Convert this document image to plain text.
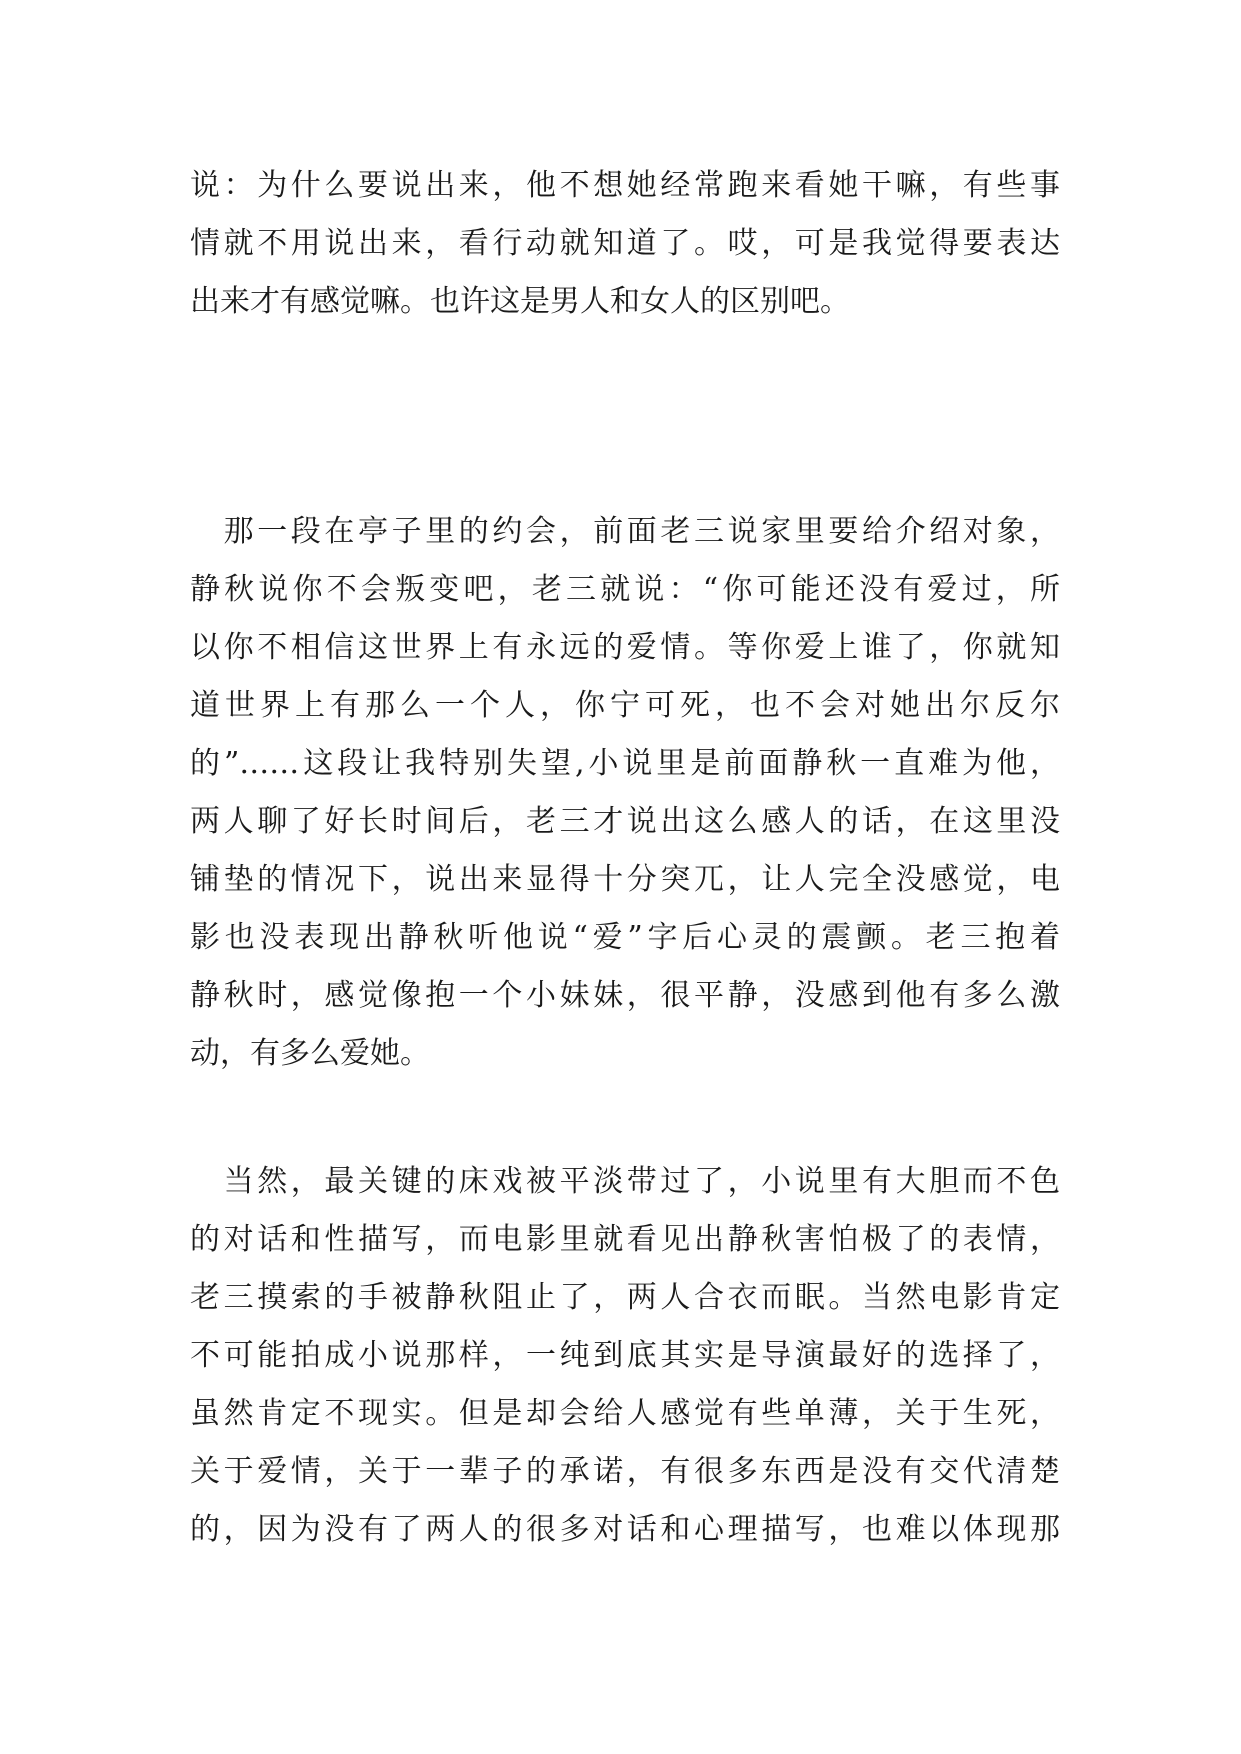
说：为什么要说出来，他不想她经常跑来看她干嘛，有些事
情就不用说出来，看行动就知道了。哎，可是我觉得要表达
出来才有感觉嘛。也许这是男人和女人的区别吧。
　那一段在亭子里的约会，前面老三说家里要给介绍对象，
静秋说你不会叛变吧，老三就说：“你可能还没有爱过，所
以你不相信这世界上有永远的爱情。等你爱上谁了，你就知
道世界上有那么一个人，你宁可死，也不会对她出尔反尔
的”……这段让我特别失望,小说里是前面静秋一直难为他，
两人聊了好长时间后，老三才说出这么感人的话，在这里没
铺垫的情况下，说出来显得十分突兀，让人完全没感觉，电
影也没表现出静秋听他说“爱”字后心灵的震颤。老三抱着
静秋时，感觉像抱一个小妹妹，很平静，没感到他有多么激
动，有多么爱她。
　当然，最关键的床戏被平淡带过了，小说里有大胆而不色
的对话和性描写，而电影里就看见出静秋害怕极了的表情，
老三摸索的手被静秋阻止了，两人合衣而眠。当然电影肯定
不可能拍成小说那样，一纯到底其实是导演最好的选择了，
虽然肯定不现实。但是却会给人感觉有些单薄，关于生死，
关于爱情，关于一辈子的承诺，有很多东西是没有交代清楚
的，因为没有了两人的很多对话和心理描写，也难以体现那
